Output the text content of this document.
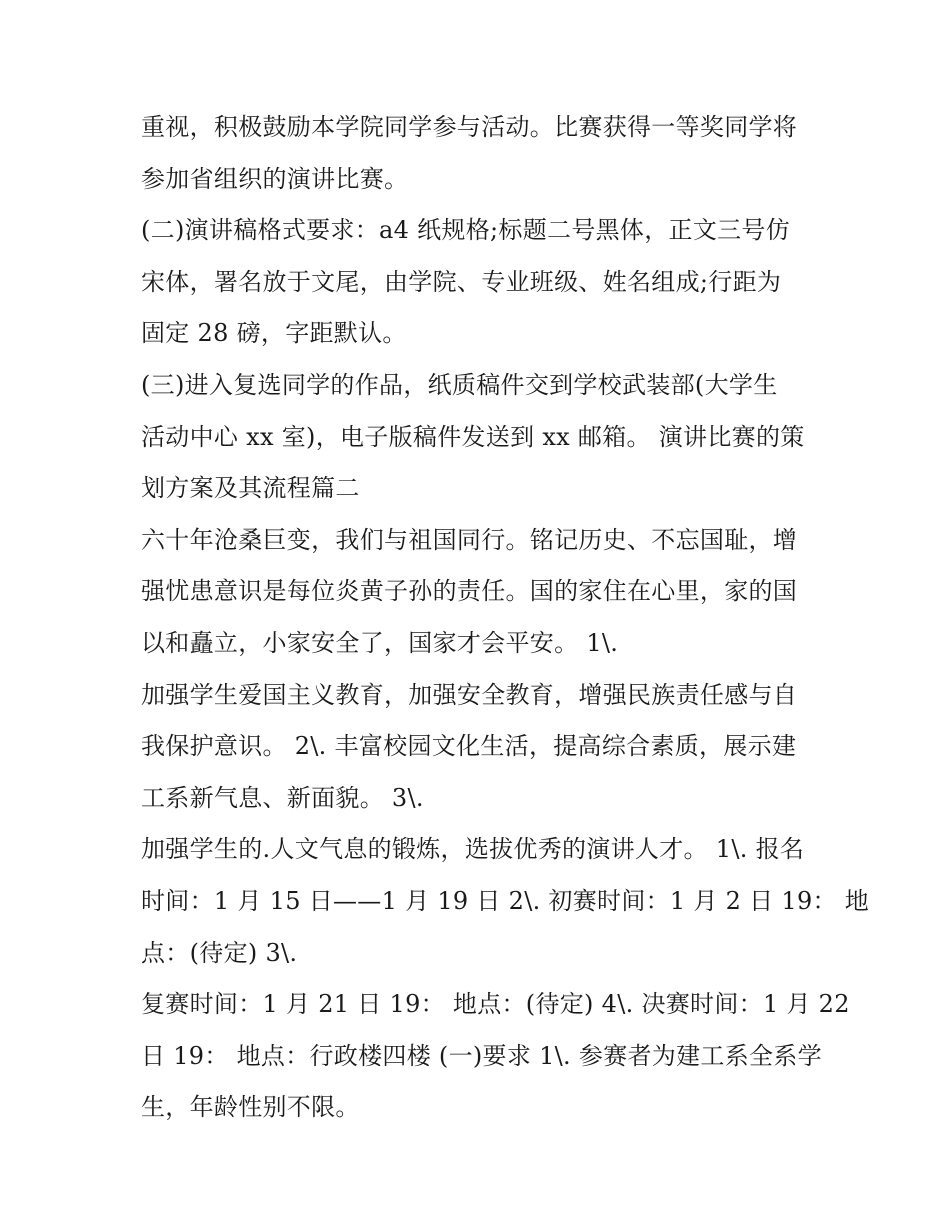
重视，积极鼓励本学院同学参与活动。比赛获得一等奖同学将
参加省组织的演讲比赛。
(二)演讲稿格式要求：a4 纸规格;标题二号黑体，正文三号仿
宋体，署名放于文尾，由学院、专业班级、姓名组成;行距为
固定 28 磅，字距默认。
(三)进入复选同学的作品，纸质稿件交到学校武装部(大学生
活动中心 xx 室)，电子版稿件发送到 xx 邮箱。 演讲比赛的策
划方案及其流程篇二
六十年沧桑巨变，我们与祖国同行。铭记历史、不忘国耻，增
强忧患意识是每位炎黄子孙的责任。国的家住在心里，家的国
以和矗立，小家安全了，国家才会平安。 1\.
加强学生爱国主义教育，加强安全教育，增强民族责任感与自
我保护意识。 2\. 丰富校园文化生活，提高综合素质，展示建
工系新气息、新面貌。 3\.
加强学生的.人文气息的锻炼，选拔优秀的演讲人才。 1\. 报名
时间：1 月 15 日——1 月 19 日 2\. 初赛时间：1 月 2 日 19： 地
点：(待定) 3\.
复赛时间：1 月 21 日 19： 地点：(待定) 4\. 决赛时间：1 月 22
日 19： 地点：行政楼四楼 (一)要求 1\. 参赛者为建工系全系学
生，年龄性别不限。
